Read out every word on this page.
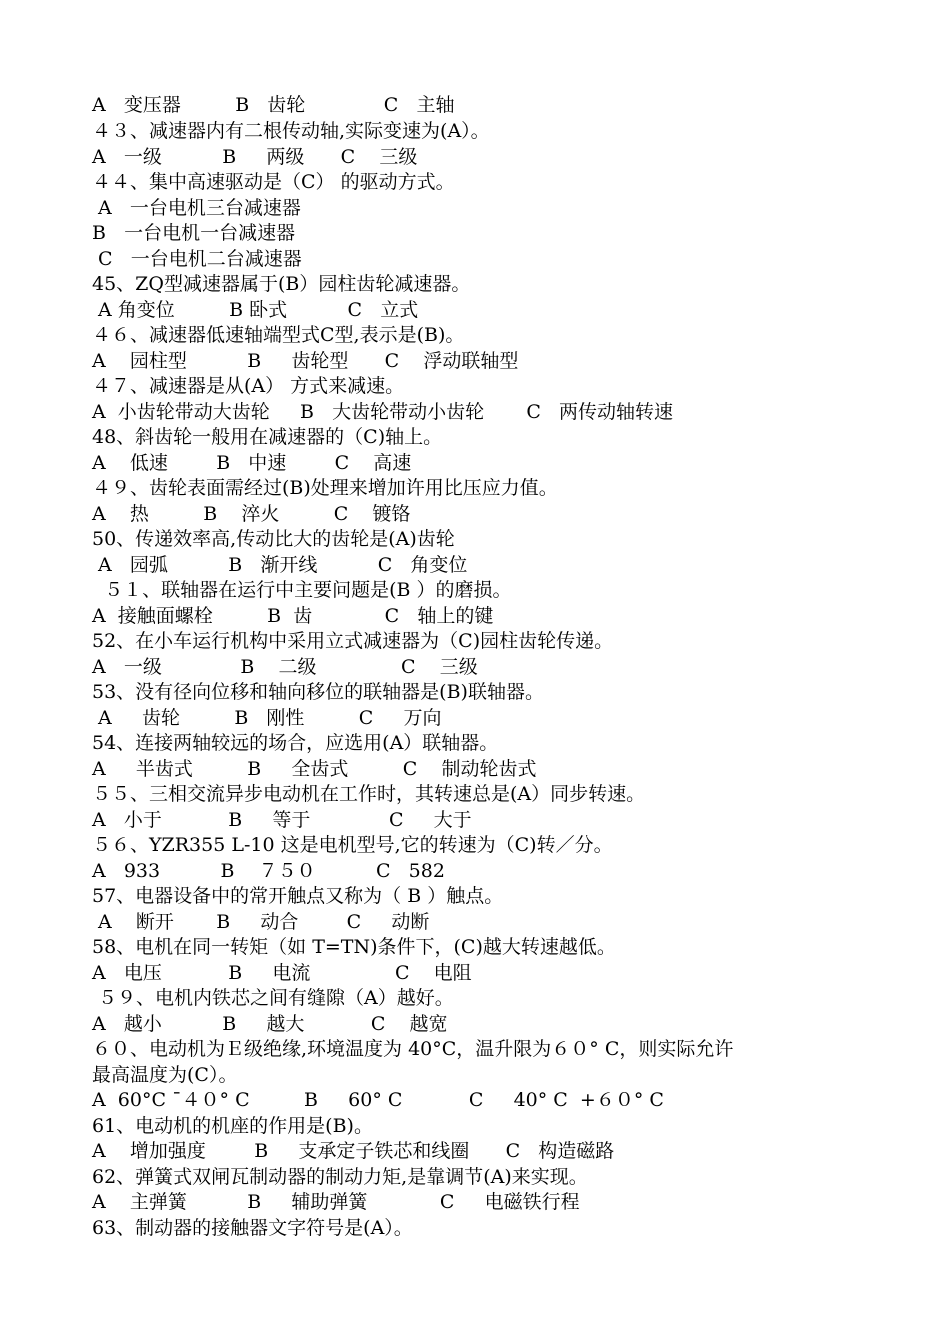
A   变压器         B   齿轮             C   主轴
４３、减速器内有二根传动轴,实际变速为(A）。
A   一级          B     两级      C    三级
４４、集中高速驱动是（C） 的驱动方式。
A   一台电机三台减速器
B   一台电机一台减速器
C   一台电机二台减速器
45、ZQ型减速器属于(B）园柱齿轮减速器。
A 角变位         B 卧式          C   立式
４６、减速器低速轴端型式C型,表示是(B)。
A    园柱型          B     齿轮型      C    浮动联轴型
４７、减速器是从(A） 方式来减速。
A  小齿轮带动大齿轮     B   大齿轮带动小齿轮       C   两传动轴转速
48、斜齿轮一般用在减速器的（C)轴上。
A    低速        B   中速        C    高速
４９、齿轮表面需经过(B)处理来增加许用比压应力值。
A    热         B    淬火         C    镀铬
50、传递效率高,传动比大的齿轮是(A)齿轮
A   园弧          B   渐开线          C   角变位
５１、联轴器在运行中主要问题是(B ）的磨损。
A  接触面螺栓         B  齿            C   轴上的键
52、在小车运行机构中采用立式减速器为（C)园柱齿轮传递。
A   一级             B    二级              C    三级
53、没有径向位移和轴向移位的联轴器是(B)联轴器。
A     齿轮         B   刚性         C     万向
54、连接两轴较远的场合，应选用(A）联轴器。
A     半齿式         B     全齿式         C    制动轮齿式
５５、三相交流异步电动机在工作时，其转速总是(A）同步转速。
A   小于           B     等于             C     大于
５６、YZR355 L-10 这是电机型号,它的转速为（C)转／分。
A   933          B    ７５０          C   582
57、电器设备中的常开触点又称为（ B ）触点。
A    断开       B     动合        C     动断
58、电机在同一转矩（如 T=TN)条件下，(C)越大转速越低。
A   电压           B     电流              C    电阻
５９、电机内铁芯之间有缝隙（A）越好。
A   越小          B     越大           C    越宽
６０、电动机为Ｅ级绝缘,环境温度为 40°C，温升限为６０° C，则实际允许
最高温度为(C）。
A  60°C ¯４０° C         B     60° C           C     40° C  +６０° C
61、电动机的机座的作用是(B)。
A    增加强度        B     支承定子铁芯和线圈      C   构造磁路
62、弹簧式双闸瓦制动器的制动力矩,是靠调节(A)来实现。
A    主弹簧          B     辅助弹簧            C     电磁铁行程
63、制动器的接触器文字符号是(A）。
